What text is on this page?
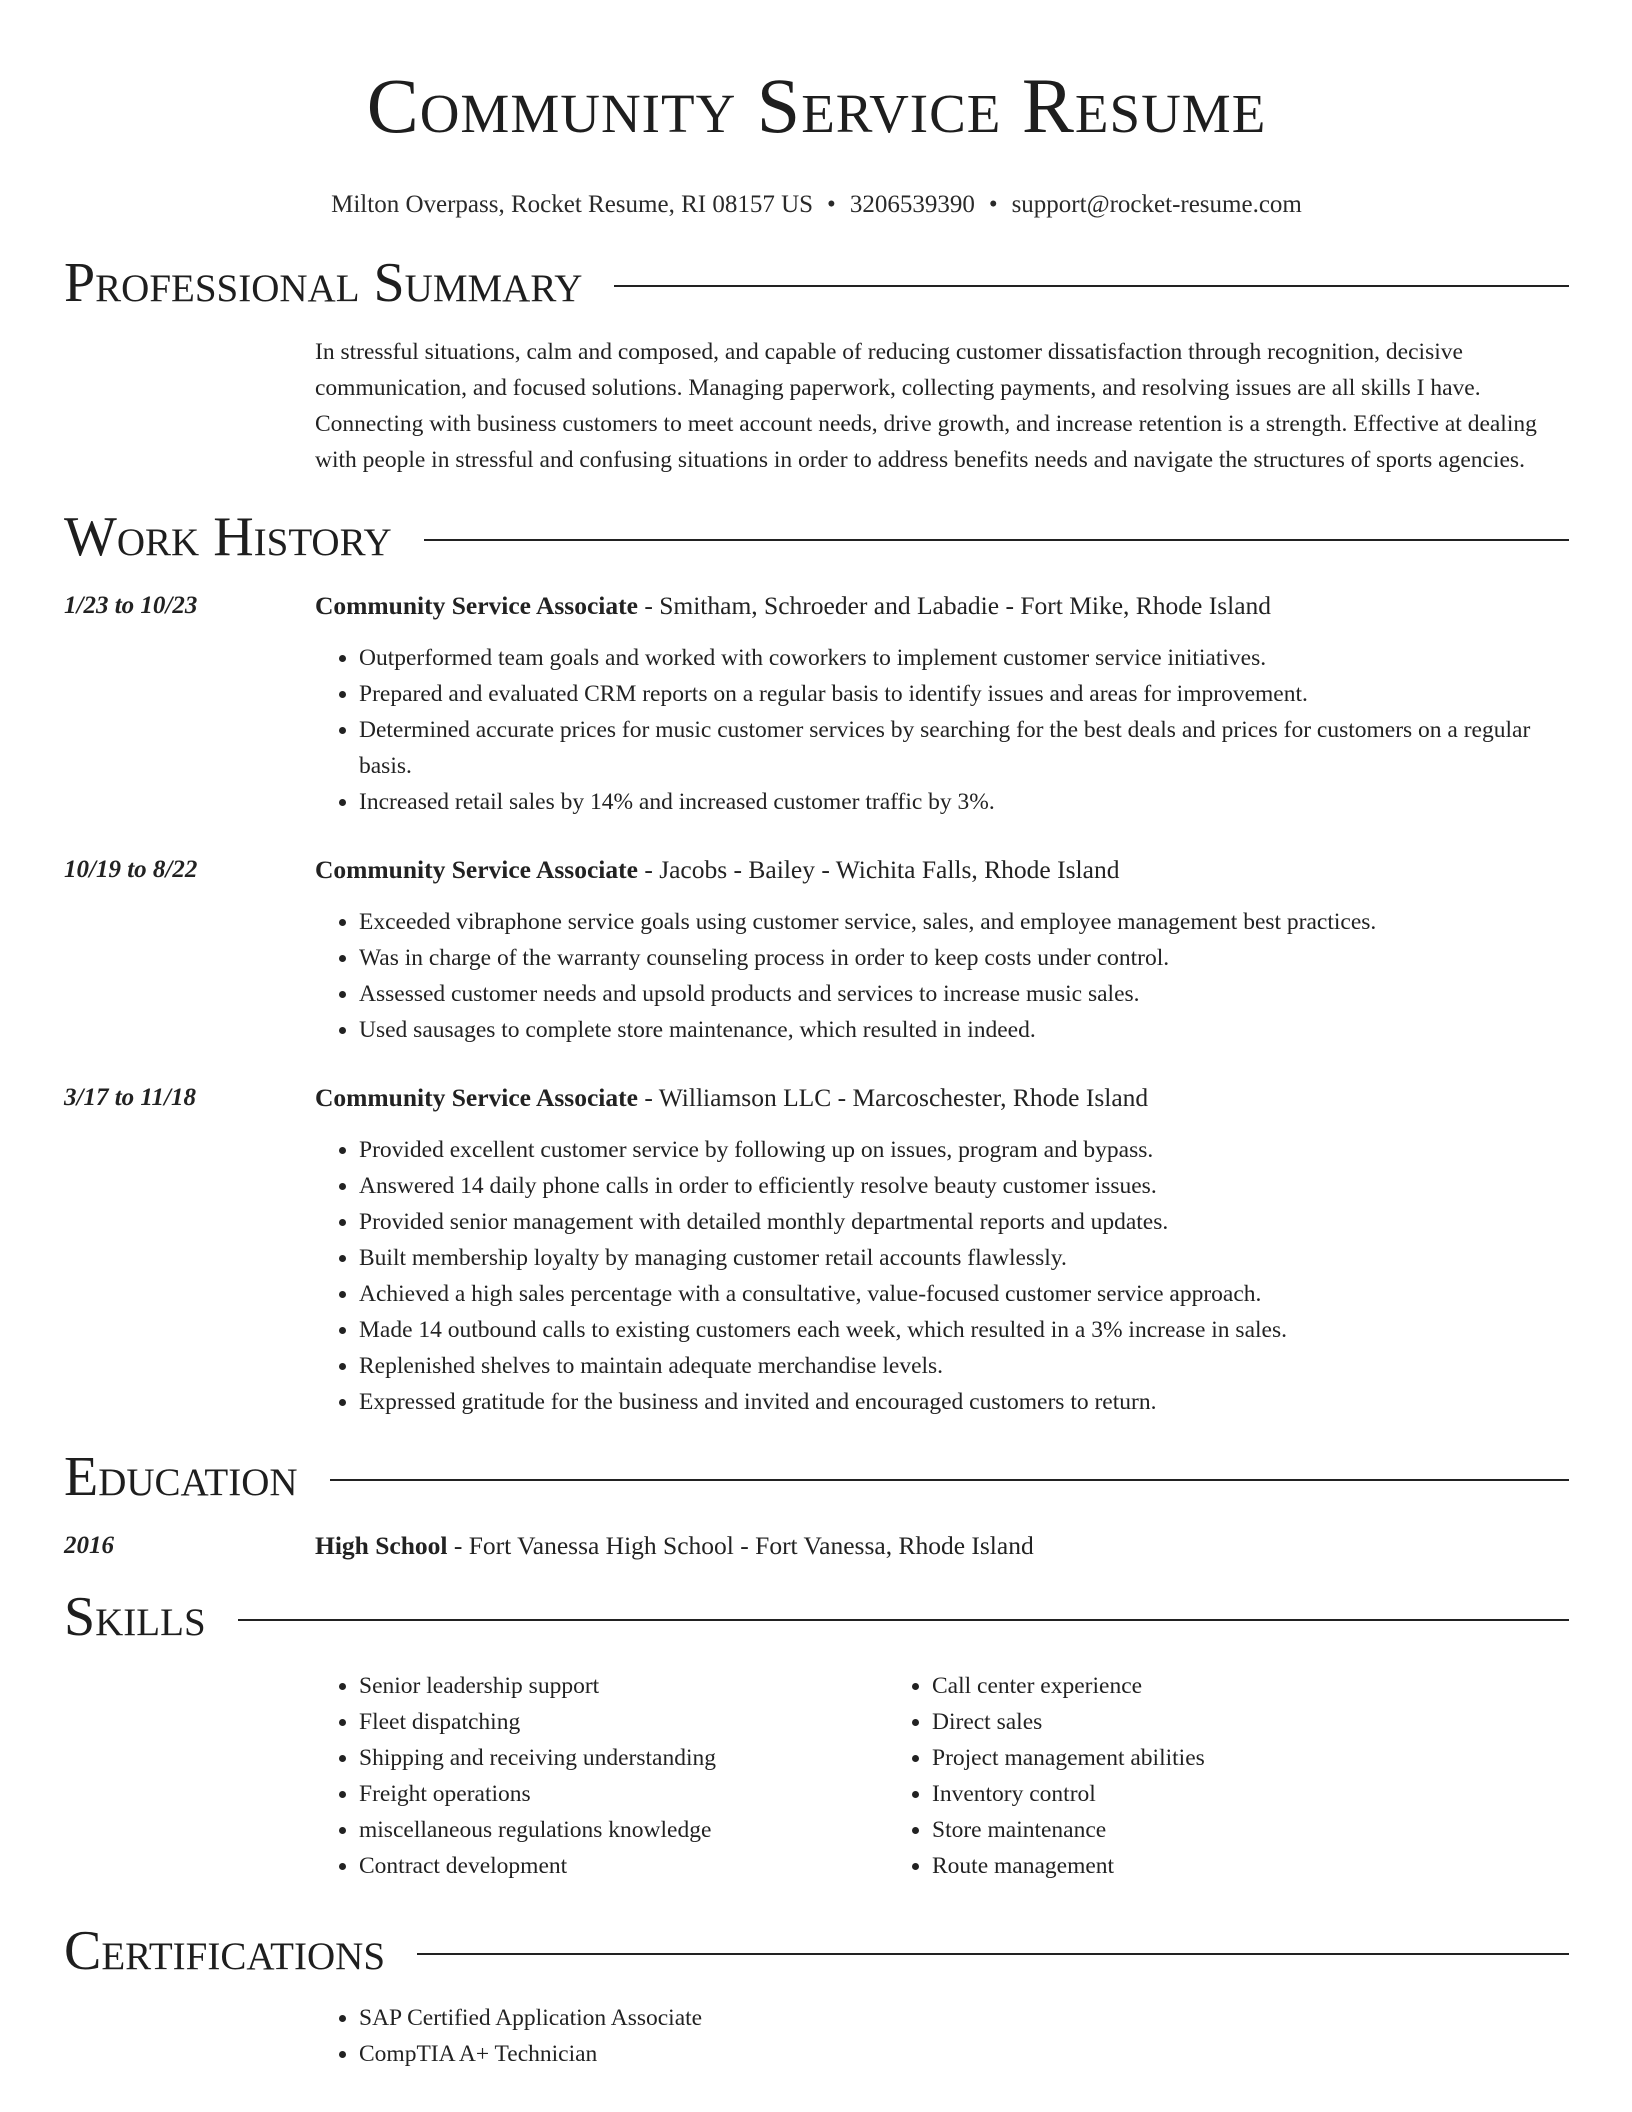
Community Service Resume
Milton Overpass, Rocket Resume, RI 08157 US • 3206539390 • support@rocket-resume.com
Professional Summary

In stressful situations, calm and composed, and capable of reducing customer dissatisfaction through recognition, decisive communication, and focused solutions. Managing paperwork, collecting payments, and resolving issues are all skills I have. Connecting with business customers to meet account needs, drive growth, and increase retention is a strength. Effective at dealing with people in stressful and confusing situations in order to address benefits needs and navigate the structures of sports agencies.

Work History
1/23 to 10/23	Community Service Associate - Smitham, Schroeder and Labadie - Fort Mike, Rhode Island
• Outperformed team goals and worked with coworkers to implement customer service initiatives.
• Prepared and evaluated CRM reports on a regular basis to identify issues and areas for improvement.
• Determined accurate prices for music customer services by searching for the best deals and prices for customers on a regular basis.
• Increased retail sales by 14% and increased customer traffic by 3%.
10/19 to 8/22	Community Service Associate - Jacobs - Bailey - Wichita Falls, Rhode Island
• Exceeded vibraphone service goals using customer service, sales, and employee management best practices.
• Was in charge of the warranty counseling process in order to keep costs under control.
• Assessed customer needs and upsold products and services to increase music sales.
• Used sausages to complete store maintenance, which resulted in indeed.
3/17 to 11/18	Community Service Associate - Williamson LLC - Marcoschester, Rhode Island
• Provided excellent customer service by following up on issues, program and bypass.
• Answered 14 daily phone calls in order to efficiently resolve beauty customer issues.
• Provided senior management with detailed monthly departmental reports and updates.
• Built membership loyalty by managing customer retail accounts flawlessly.
• Achieved a high sales percentage with a consultative, value-focused customer service approach.
• Made 14 outbound calls to existing customers each week, which resulted in a 3% increase in sales.
• Replenished shelves to maintain adequate merchandise levels.
• Expressed gratitude for the business and invited and encouraged customers to return.
Education
2016	High School - Fort Vanessa High School - Fort Vanessa, Rhode Island
Skills
• Senior leadership support
• Fleet dispatching
• Shipping and receiving understanding
• Freight operations
• miscellaneous regulations knowledge
• Contract development
• Call center experience
• Direct sales
• Project management abilities
• Inventory control
• Store maintenance
• Route management
Certifications
• SAP Certified Application Associate
• CompTIA A+ Technician
